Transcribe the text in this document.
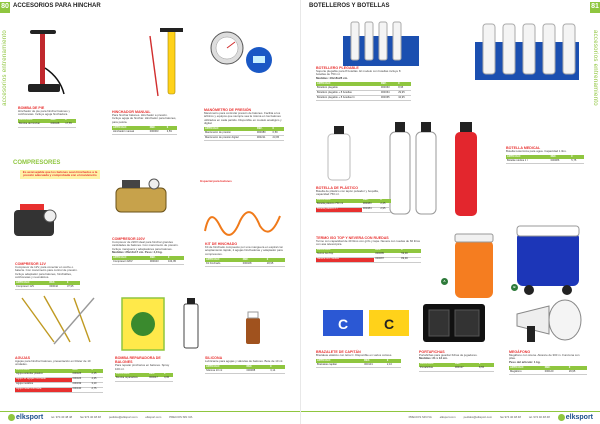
80 ACCESORIOS PARA HINCHAR
accesorios entrenamiento
BOMBA DE PIE
Hinchador de pie para hinchar balones y colchonetas. Incluye aguja hinchadora.
ARTÍCULO	REF.	€
Bomba de hinchar	000028	17,55
HINCHADOR MANUAL
Para hinchar balones. Hinchador a presión. Incluye aguja de hinchar. Hinchador para balones, para pelota.
ARTÍCULO	REF.	€
Hinchador manual	000063	3,59
MANÓMETRO DE PRESIÓN
Manómetro para controlar presión de balones. Facilita a los árbitros y equipos que siempre sea la misma en los balones utilizados en cada partido. Disponible en modelo analógico y digital.
ARTÍCULO	REF.	€
Manómetro de presión	000080	6,59
Manómetro de presión digital	000211	23,95
COMPRESORES
Es aconsejable que los balones sean hinchados a la presión adecuada y comprobada con el manómetro
COMPRESOR 12V
Compresor de 12V, para conectar en coche o batería. Con manómetro para control de presión. Incluye adaptador para balones, hinchables, colchonetas y neumáticos.
ARTÍCULO	REF.	€
Compresor 12V	000042	37,95
COMPRESOR 220V
Compresor de 220V ideal para hinchar grandes cantidades de balones. Con manómetro de presión. Incluye manguera y adaptadores para balones.
Medidas: 26x14x17 cm. Peso: 4,0 kg.
ARTÍCULO	REF.	€
Compresor 220V	000043	104,95
Especial para balones
KIT DE HINCHADO
Kit de hinchado compuesto por una manguera en espiral con acoplamiento rápido, 2 agujas hinchadoras y adaptador para compresores.
ARTÍCULO	REF.	€
Kit hinchado	000028	18,95
AGUJAS
Agujas para hinchar balones, presentación en blíster de 10 unidades.
ARTÍCULO	REF.	€
Aguja estándar plástico	000025	2,15
Aguja 10 agujas hinchado	000026	4,35
Aguja metálica	000039	3,10
Aguja metal reforzada	000040	2,75
BOMBA REPARADORA DE BALONES
Para reparar pinchazos en balones. Spray 100 ml.
ARTÍCULO	REF.	€
Bomba reparadora	000047	9,95
SILICONA
Lubricante para agujas y válvulas de balones. Bote de 10 ml.
ARTÍCULO	REF.	€
Silicona 10 ml	000088	3,14
elksport	tel. 974 40 48 48	fax 974 40 48 48	pedidos@elksport.com	elksport.com	PRECIOS SIN IVA
81
BOTELLEROS Y BOTELLAS
accesorios entrenamiento
BOTELLERO PLEGABLE
Soporte plegable para 8 botellas. El modelo con botellas incluye 8 botellas de 750 ml.
Medidas: 40x18x28 cm.
ARTÍCULO	REF.	€
Botellero plegable	000063	8,95
Botellero plegable + 8 botellas	000064	29,95
Botellero plegable + 8 botellas lit	000065	34,95
BOTELLA DE PLÁSTICO
Botella de plástico con tapón pulsador y boquilla, capacidad 750 ml.
ARTÍCULO	REF.	€
Botella plástico 750 ml	000083	2,45
Botella plástico 1 l	000084	2,95
BOTELLA MEDICAL
Botella isotérmica para agua. Capacidad 1 litro.
ARTÍCULO	REF.	€
Botella médica 1 l	000086	5,75
TERMO ISO TOP Y NEVERA CON RUEDAS
Termo con capacidad de 40 litros con grifo y tapa. Nevera con ruedas de 60 litros con asa telescópica.
ARTÍCULO	REF.	€
Termo Iso Top	000085	59,90
Nevera con ruedas	000087	89,90
A
B
C	C
BRAZALETE DE CAPITÁN
Brazalete elástico con letra C. Disponible en varios colores.
ARTÍCULO	REF.	€
Brazalete capitán	000131	2,10
PORTAFICHAS
Portafichas para guardar fichas de jugadores.
Medidas: 21 x 13 cm.
ARTÍCULO	REF.	€
Portafichas	000137	8,55
MEGÁFONO
Megáfono con sirena. Alcance de 300 m. Funciona con pilas.
Peso del artículo: 1 kg.
ARTÍCULO	REF.	€
Megáfono	000120	29,95
PRECIOS SIN IVA	elksport.com	pedidos@elksport.com	fax 974 40 48 48	tel. 974 40 48 48 elksport
